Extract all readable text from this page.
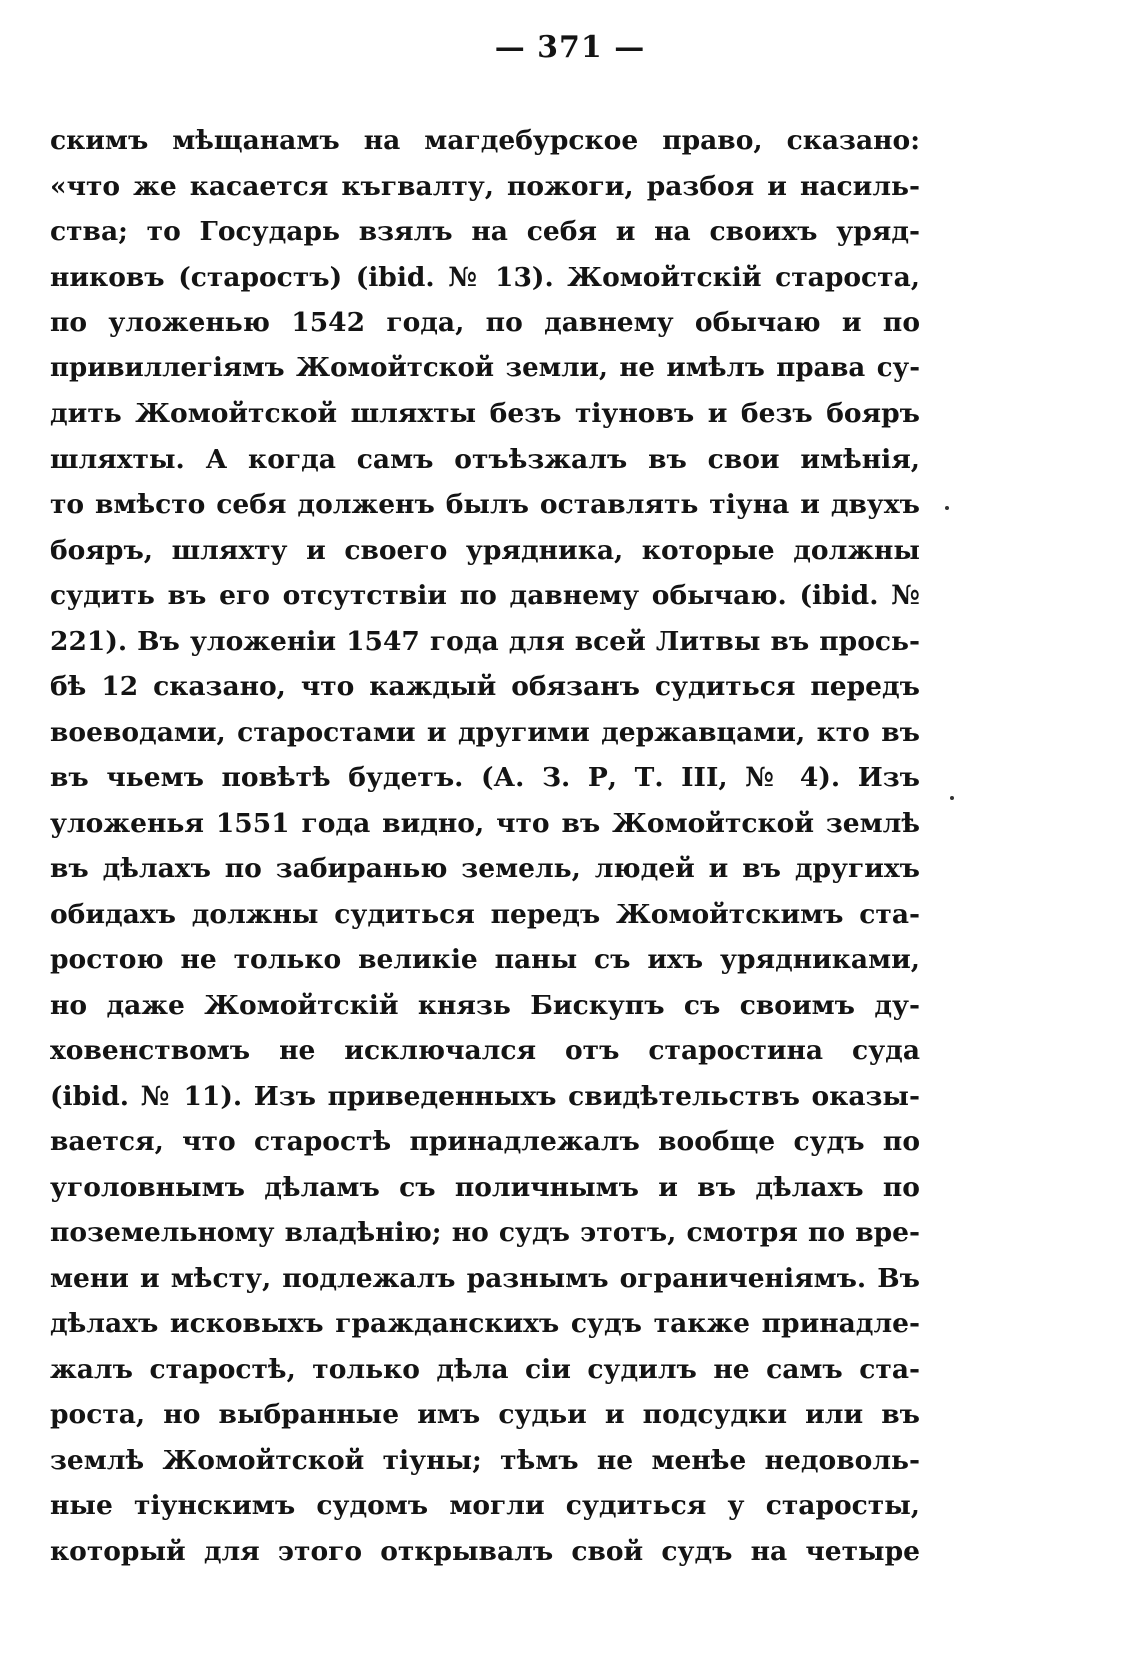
— 371 —
скимъ мѣщанамъ на магдебурское право, сказано:
«что же касается къгвалту, пожоги, разбоя и насиль-
ства; то Государь взялъ на себя и на своихъ уряд-
никовъ (старостъ) (ibid. № 13). Жомойтскій староста,
по уложенью 1542 года, по давнему обычаю и по
привиллегіямъ Жомойтской земли, не имѣлъ права су-
дить Жомойтской шляхты безъ тіуновъ и безъ бояръ
шляхты. А когда самъ отъѣзжалъ въ свои имѣнія,
то вмѣсто себя долженъ былъ оставлять тіуна и двухъ
бояръ, шляхту и своего урядника, которые должны
судить въ его отсутствіи по давнему обычаю. (ibid. №
221). Въ уложеніи 1547 года для всей Литвы въ прось-
бѣ 12 сказано, что каждый обязанъ судиться передъ
воеводами, старостами и другими державцами, кто въ
въ чьемъ повѣтѣ будетъ. (А. З. Р, Т. III, № 4). Изъ
уложенья 1551 года видно, что въ Жомойтской землѣ
въ дѣлахъ по забиранью земель, людей и въ другихъ
обидахъ должны судиться передъ Жомойтскимъ ста-
ростою не только великіе паны съ ихъ урядниками,
но даже Жомойтскій князь Бискупъ съ своимъ ду-
ховенствомъ не исключался отъ старостина суда
(ibid. № 11). Изъ приведенныхъ свидѣтельствъ оказы-
вается, что старостѣ принадлежалъ вообще судъ по
уголовнымъ дѣламъ съ поличнымъ и въ дѣлахъ по
поземельному владѣнію; но судъ этотъ, смотря по вре-
мени и мѣсту, подлежалъ разнымъ ограниченіямъ. Въ
дѣлахъ исковыхъ гражданскихъ судъ также принадле-
жалъ старостѣ, только дѣла сіи судилъ не самъ ста-
роста, но выбранные имъ судьи и подсудки или въ
землѣ Жомойтской тіуны; тѣмъ не менѣе недоволь-
ные тіунскимъ судомъ могли судиться у старосты,
который для этого открывалъ свой судъ на четыре
